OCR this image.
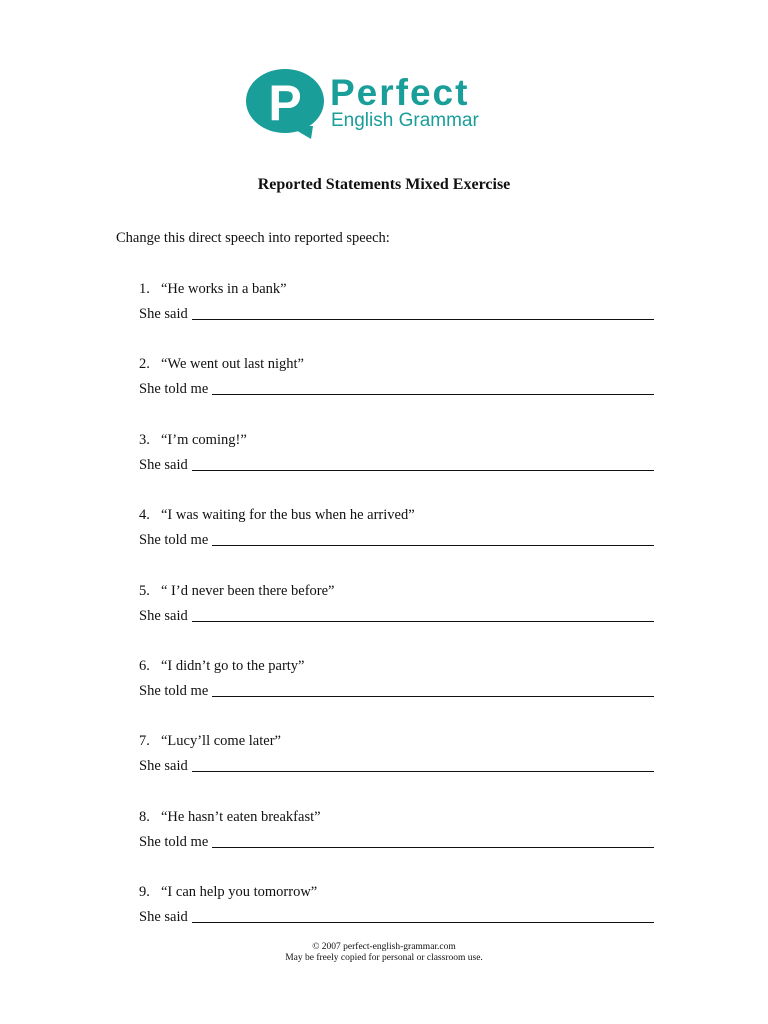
P Perfect
English Grammar
Reported Statements Mixed Exercise
Change this direct speech into reported speech:
1. “He works in a bank”
She said
2. “We went out last night”
She told me
3. “I’m coming!”
She said
4. “I was waiting for the bus when he arrived”
She told me
5. “ I’d never been there before”
She said
6. “I didn’t go to the party”
She told me
7. “Lucy’ll come later”
She said
8. “He hasn’t eaten breakfast”
She told me
9. “I can help you tomorrow”
She said
© 2007 perfect-english-grammar.com
May be freely copied for personal or classroom use.
